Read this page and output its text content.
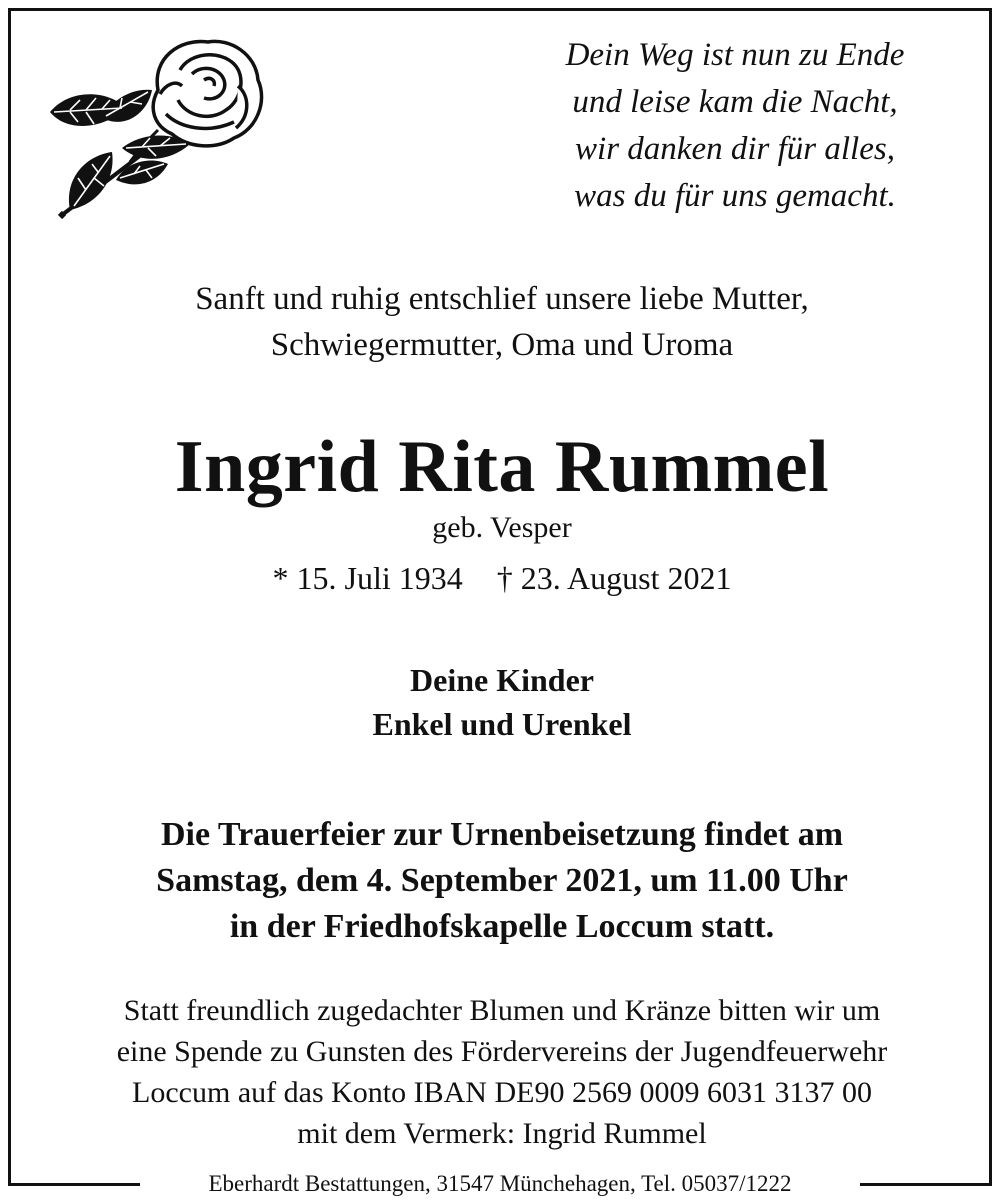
Dein Weg ist nun zu Ende
und leise kam die Nacht,
wir danken dir für alles,
was du für uns gemacht.
Sanft und ruhig entschlief unsere liebe Mutter,
Schwiegermutter, Oma und Uroma
Ingrid Rita Rummel
geb. Vesper
* 15. Juli 1934 † 23. August 2021
Deine Kinder
Enkel und Urenkel
Die Trauerfeier zur Urnenbeisetzung findet am
Samstag, dem 4. September 2021, um 11.00 Uhr
in der Friedhofskapelle Loccum statt.
Statt freundlich zugedachter Blumen und Kränze bitten wir um
eine Spende zu Gunsten des Fördervereins der Jugendfeuerwehr
Loccum auf das Konto IBAN DE90 2569 0009 6031 3137 00
mit dem Vermerk: Ingrid Rummel
Eberhardt Bestattungen, 31547 Münchehagen, Tel. 05037/1222
